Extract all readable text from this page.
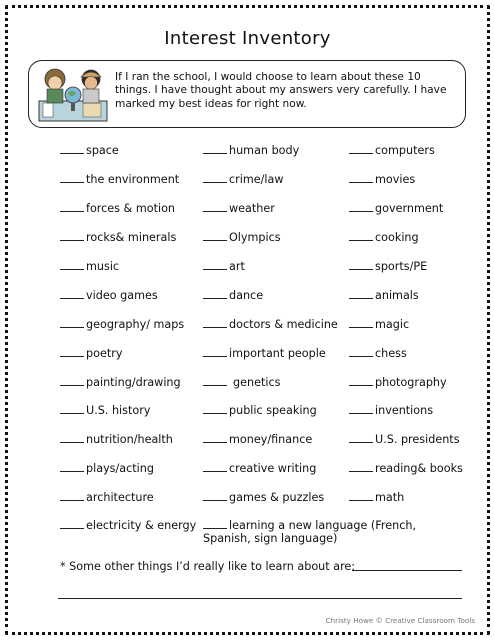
Interest Inventory
If I ran the school, I would choose to learn about these 10 things. I have thought about my answers very carefully. I have marked my best ideas for right now.
space
the environment
forces & motion
rocks& minerals
music
video games
geography/ maps
poetry
painting/drawing
U.S. history
nutrition/health
plays/acting
architecture
electricity & energy
human body
crime/law
weather
Olympics
art
dance
doctors & medicine
important people
genetics
public speaking
money/finance
creative writing
games & puzzles
learning a new language (French, Spanish, sign language)
computers
movies
government
cooking
sports/PE
animals
magic
chess
photography
inventions
U.S. presidents
reading& books
math
* Some other things I’d really like to learn about are:
Christy Howe © Creative Classroom Tools
